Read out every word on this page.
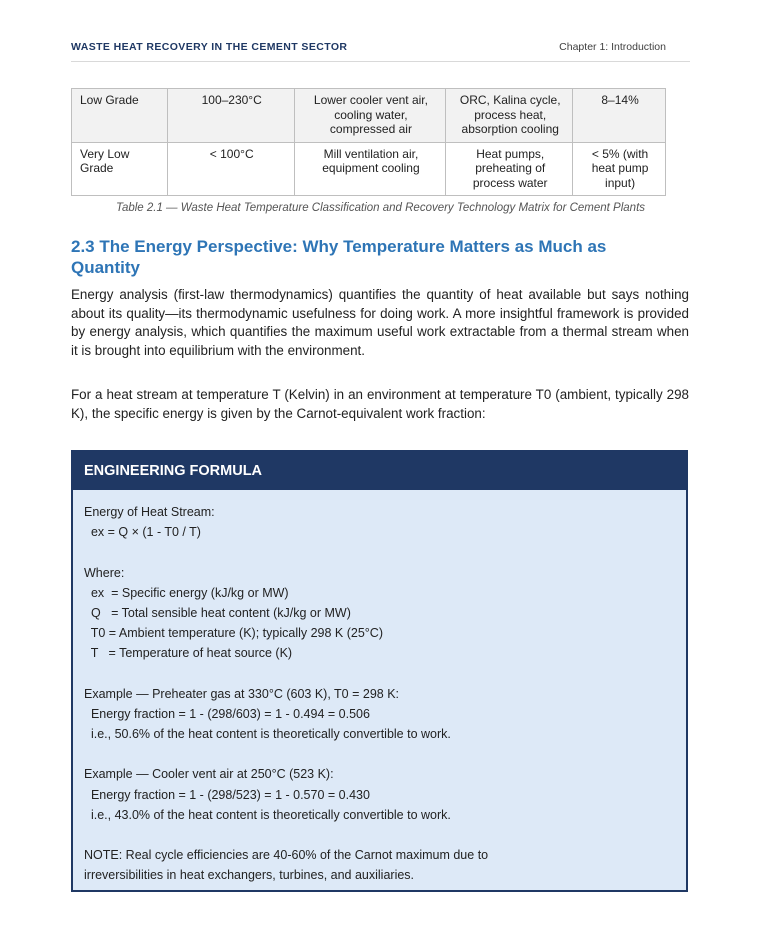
WASTE HEAT RECOVERY IN THE CEMENT SECTOR	Chapter 1: Introduction
Low Grade	100–230°C	Lower cooler vent air, cooling water, compressed air	ORC, Kalina cycle, process heat, absorption cooling	8–14%
Very Low Grade	< 100°C	Mill ventilation air, equipment cooling	Heat pumps, preheating of process water	< 5% (with heat pump input)
Table 2.1 — Waste Heat Temperature Classification and Recovery Technology Matrix for Cement Plants
2.3 The Energy Perspective: Why Temperature Matters as Much as Quantity

Energy analysis (first-law thermodynamics) quantifies the quantity of heat available but says nothing about its quality—its thermodynamic usefulness for doing work. A more insightful framework is provided by energy analysis, which quantifies the maximum useful work extractable from a thermal stream when it is brought into equilibrium with the environment.

For a heat stream at temperature T (Kelvin) in an environment at temperature T0 (ambient, typically 298 K), the specific energy is given by the Carnot-equivalent work fraction:

ENGINEERING FORMULA
Energy of Heat Stream:
ex = Q × (1 - T0 / T)
Where:
ex  = Specific energy (kJ/kg or MW)
Q   = Total sensible heat content (kJ/kg or MW)
T0 = Ambient temperature (K); typically 298 K (25°C)
T   = Temperature of heat source (K)
Example — Preheater gas at 330°C (603 K), T0 = 298 K:
Energy fraction = 1 - (298/603) = 1 - 0.494 = 0.506
i.e., 50.6% of the heat content is theoretically convertible to work.
Example — Cooler vent air at 250°C (523 K):
Energy fraction = 1 - (298/523) = 1 - 0.570 = 0.430
i.e., 43.0% of the heat content is theoretically convertible to work.
NOTE: Real cycle efficiencies are 40-60% of the Carnot maximum due to
irreversibilities in heat exchangers, turbines, and auxiliaries.
